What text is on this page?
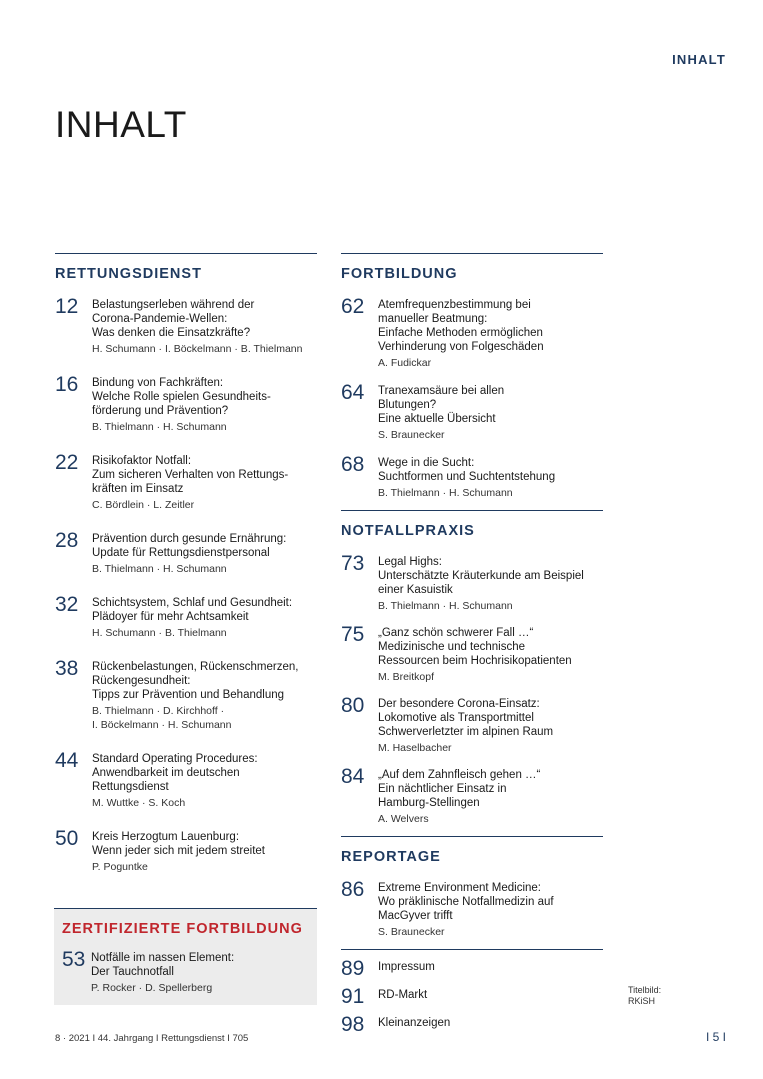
INHALT
INHALT
RETTUNGSDIENST
12	Belastungserleben während der
Corona-Pandemie-Wellen:
Was denken die Einsatzkräfte?
H. Schumann · I. Böckelmann · B. Thielmann
16	Bindung von Fachkräften:
Welche Rolle spielen Gesundheits-
förderung und Prävention?
B. Thielmann · H. Schumann
22	Risikofaktor Notfall:
Zum sicheren Verhalten von Rettungs-
kräften im Einsatz
C. Bördlein · L. Zeitler
28	Prävention durch gesunde Ernährung:
Update für Rettungsdienstpersonal
B. Thielmann · H. Schumann
32	Schichtsystem, Schlaf und Gesundheit:
Plädoyer für mehr Achtsamkeit
H. Schumann · B. Thielmann
38	Rückenbelastungen, Rückenschmerzen,
Rückengesundheit:
Tipps zur Prävention und Behandlung
B. Thielmann · D. Kirchhoff ·
I. Böckelmann · H. Schumann
44	Standard Operating Procedures:
Anwendbarkeit im deutschen
Rettungsdienst
M. Wuttke · S. Koch
50	Kreis Herzogtum Lauenburg:
Wenn jeder sich mit jedem streitet
P. Poguntke
ZERTIFIZIERTE FORTBILDUNG
53 Notfälle im nassen Element:
Der Tauchnotfall
P. Rocker · D. Spellerberg
FORTBILDUNG
62	Atemfrequenzbestimmung bei
manueller Beatmung:
Einfache Methoden ermöglichen
Verhinderung von Folgeschäden
A. Fudickar
64	Tranexamsäure bei allen
Blutungen?
Eine aktuelle Übersicht
S. Braunecker
68	Wege in die Sucht:
Suchtformen und Suchtentstehung
B. Thielmann · H. Schumann
NOTFALLPRAXIS
73	Legal Highs:
Unterschätzte Kräuterkunde am Beispiel
einer Kasuistik
B. Thielmann · H. Schumann
75	„Ganz schön schwerer Fall …“
Medizinische und technische
Ressourcen beim Hochrisikopatienten
M. Breitkopf
80	Der besondere Corona-Einsatz:
Lokomotive als Transportmittel
Schwerverletzter im alpinen Raum
M. Haselbacher
84	„Auf dem Zahnfleisch gehen …“
Ein nächtlicher Einsatz in
Hamburg-Stellingen
A. Welvers
REPORTAGE
86	Extreme Environment Medicine:
Wo präklinische Notfallmedizin auf
MacGyver trifft
S. Braunecker
89	Impressum
91	RD-Markt
98	Kleinanzeigen
Titelbild:
RKiSH
8 · 2021 I 44. Jahrgang I Rettungsdienst I 705	I 5 I
